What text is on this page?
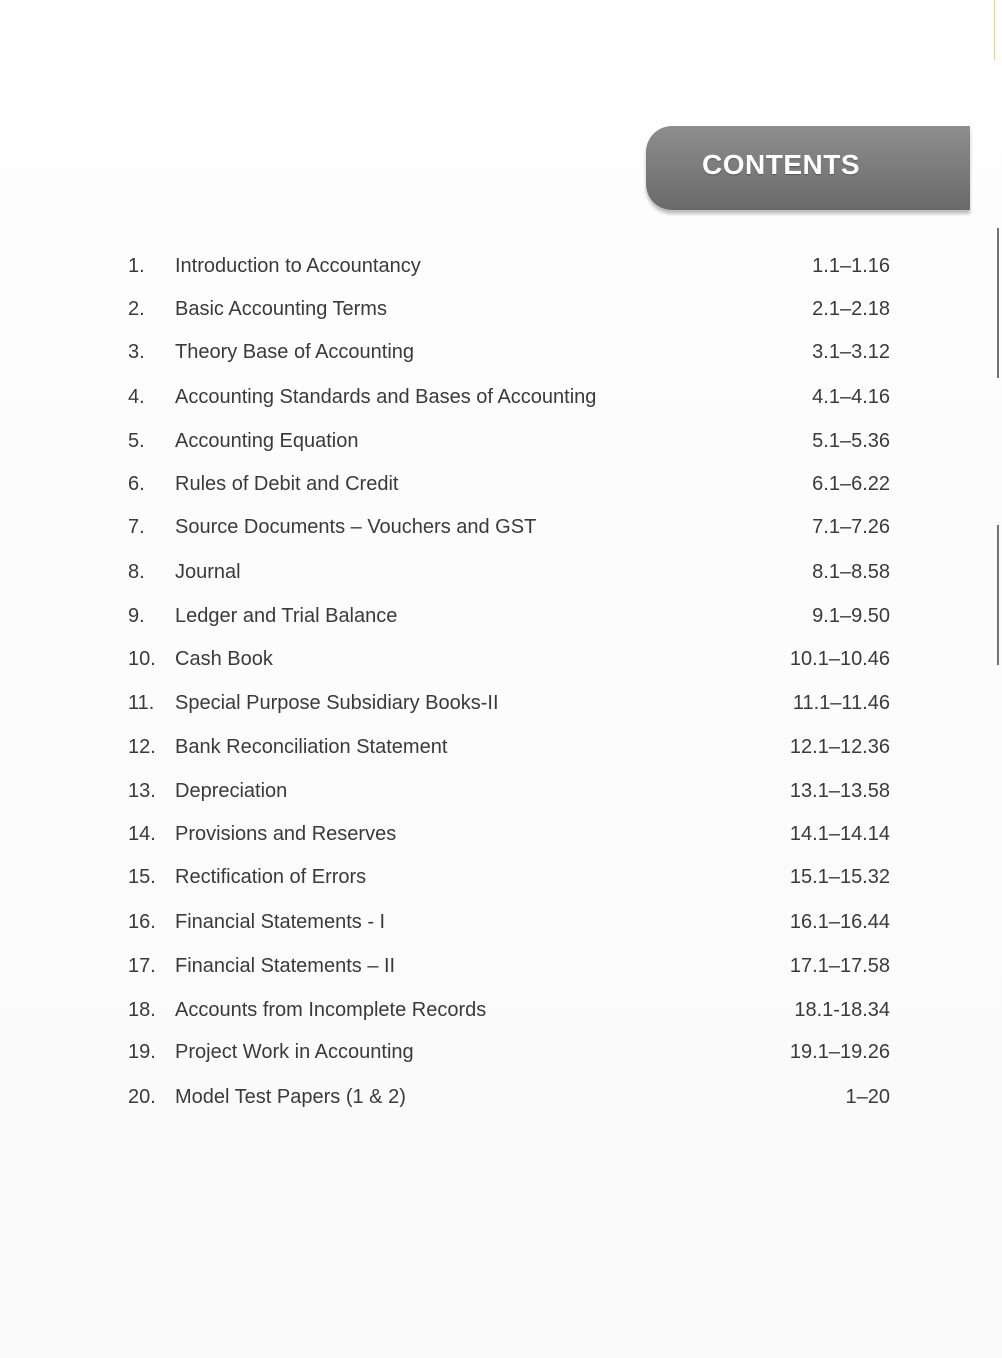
CONTENTS
1.	Introduction to Accountancy	1.1–1.16
2.	Basic Accounting Terms	2.1–2.18
3.	Theory Base of Accounting	3.1–3.12
4.	Accounting Standards and Bases of Accounting	4.1–4.16
5.	Accounting Equation	5.1–5.36
6.	Rules of Debit and Credit	6.1–6.22
7.	Source Documents – Vouchers and GST	7.1–7.26
8.	Journal	8.1–8.58
9.	Ledger and Trial Balance	9.1–9.50
10. Cash Book	10.1–10.46
11.	Special Purpose Subsidiary Books-II	11.1–11.46
12. Bank Reconciliation Statement	12.1–12.36
13. Depreciation	13.1–13.58
14. Provisions and Reserves	14.1–14.14
15. Rectification of Errors	15.1–15.32
16. Financial Statements - I	16.1–16.44
17. Financial Statements – II	17.1–17.58
18. Accounts from Incomplete Records	18.1-18.34
19. Project Work in Accounting	19.1–19.26
20. Model Test Papers (1 & 2)	1–20
